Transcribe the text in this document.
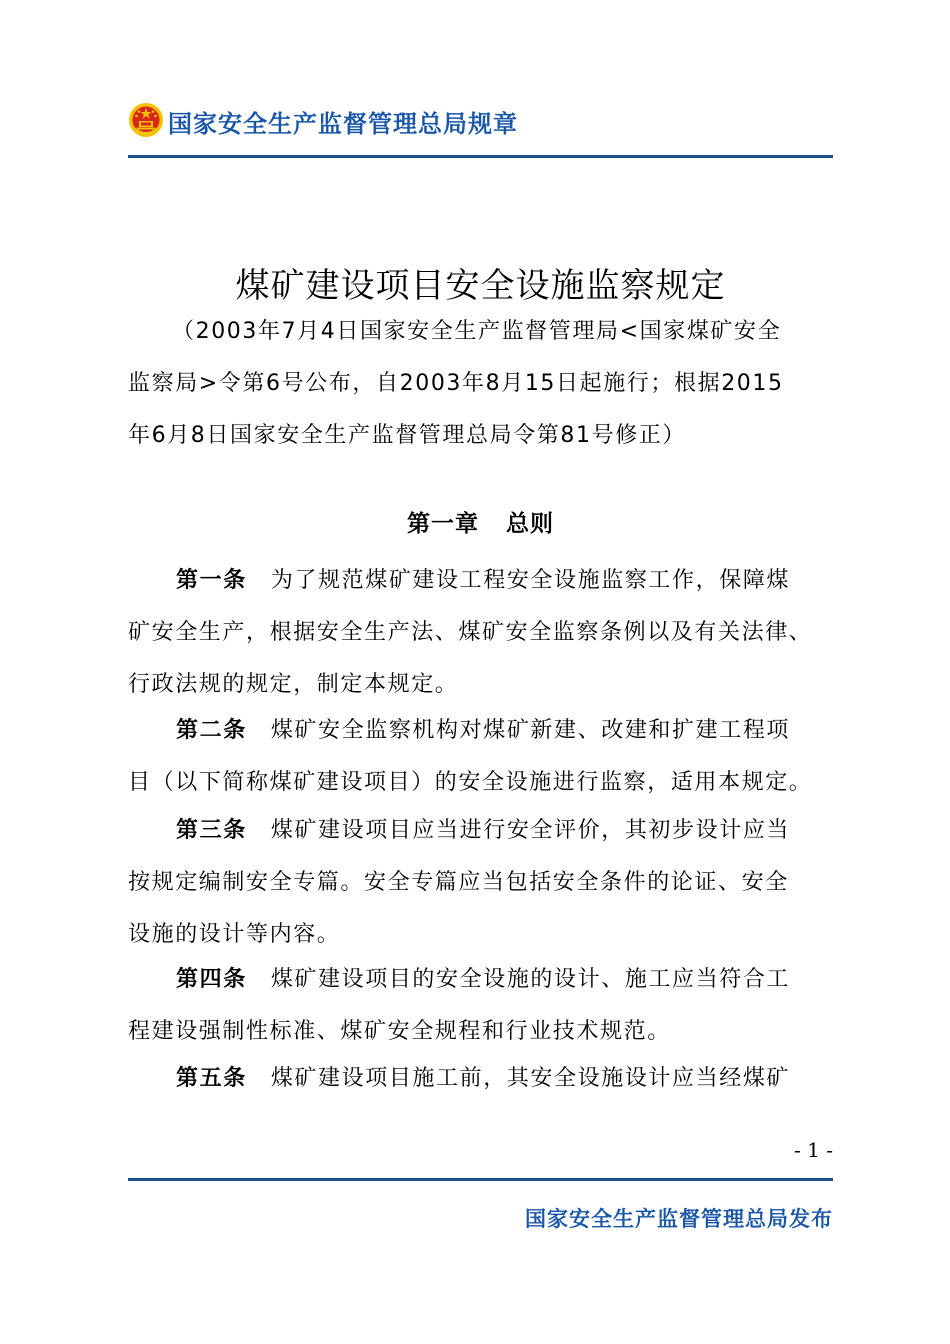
国家安全生产监督管理总局规章
煤矿建设项目安全设施监察规定
（2003年7月4日国家安全生产监督管理局<国家煤矿安全
监察局>令第6号公布，自2003年8月15日起施行；根据2015
年6月8日国家安全生产监督管理总局令第81号修正）
第一章   总则
第一条 为了规范煤矿建设工程安全设施监察工作，保障煤
矿安全生产，根据安全生产法、煤矿安全监察条例以及有关法律、
行政法规的规定，制定本规定。
第二条 煤矿安全监察机构对煤矿新建、改建和扩建工程项
目（以下简称煤矿建设项目）的安全设施进行监察，适用本规定。
第三条 煤矿建设项目应当进行安全评价，其初步设计应当
按规定编制安全专篇。安全专篇应当包括安全条件的论证、安全
设施的设计等内容。
第四条 煤矿建设项目的安全设施的设计、施工应当符合工
程建设强制性标准、煤矿安全规程和行业技术规范。
第五条 煤矿建设项目施工前，其安全设施设计应当经煤矿
- 1 -
国家安全生产监督管理总局发布
